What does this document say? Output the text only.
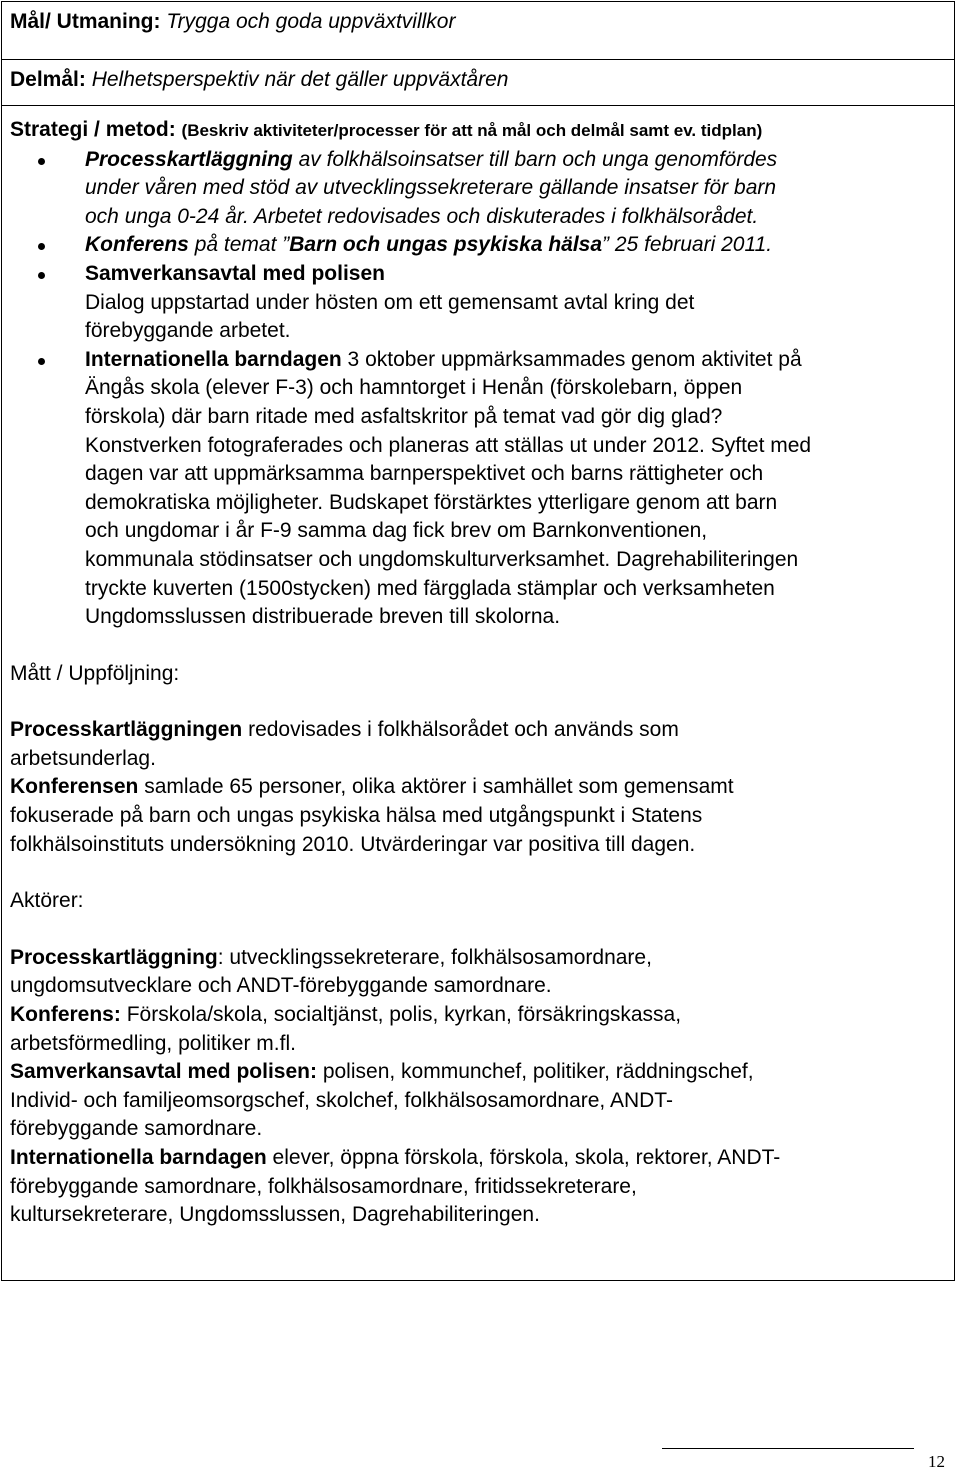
Mål/ Utmaning: Trygga och goda uppväxtvillkor
Delmål: Helhetsperspektiv när det gäller uppväxtåren
Strategi / metod: (Beskriv aktiviteter/processer för att nå mål och delmål samt ev. tidplan)
Processkartläggning av folkhälsoinsatser till barn och unga genomfördes
under våren med stöd av utvecklingssekreterare gällande insatser för barn
och unga 0-24 år. Arbetet redovisades och diskuterades i folkhälsorådet.
Konferens på temat ”Barn och ungas psykiska hälsa” 25 februari 2011.
Samverkansavtal med polisen
Dialog uppstartad under hösten om ett gemensamt avtal kring det
förebyggande arbetet.
Internationella barndagen 3 oktober uppmärksammades genom aktivitet på
Ängås skola (elever F-3) och hamntorget i Henån (förskolebarn, öppen
förskola) där barn ritade med asfaltskritor på temat vad gör dig glad?
Konstverken fotograferades och planeras att ställas ut under 2012. Syftet med
dagen var att uppmärksamma barnperspektivet och barns rättigheter och
demokratiska möjligheter. Budskapet förstärktes ytterligare genom att barn
och ungdomar i år F-9 samma dag fick brev om Barnkonventionen,
kommunala stödinsatser och ungdomskulturverksamhet. Dagrehabiliteringen
tryckte kuverten (1500stycken) med färgglada stämplar och verksamheten
Ungdomsslussen distribuerade breven till skolorna.
Mått / Uppföljning:
Processkartläggningen redovisades i folkhälsorådet och används som
arbetsunderlag.
Konferensen samlade 65 personer, olika aktörer i samhället som gemensamt
fokuserade på barn och ungas psykiska hälsa med utgångspunkt i Statens
folkhälsoinstituts undersökning 2010. Utvärderingar var positiva till dagen.
Aktörer:
Processkartläggning: utvecklingssekreterare, folkhälsosamordnare,
ungdomsutvecklare och ANDT-förebyggande samordnare.
Konferens: Förskola/skola, socialtjänst, polis, kyrkan, försäkringskassa,
arbetsförmedling, politiker m.fl.
Samverkansavtal med polisen: polisen, kommunchef, politiker, räddningschef,
Individ- och familjeomsorgschef, skolchef, folkhälsosamordnare, ANDT-
förebyggande samordnare.
Internationella barndagen elever, öppna förskola, förskola, skola, rektorer, ANDT-
förebyggande samordnare, folkhälsosamordnare, fritidssekreterare,
kultursekreterare, Ungdomsslussen, Dagrehabiliteringen.
12
